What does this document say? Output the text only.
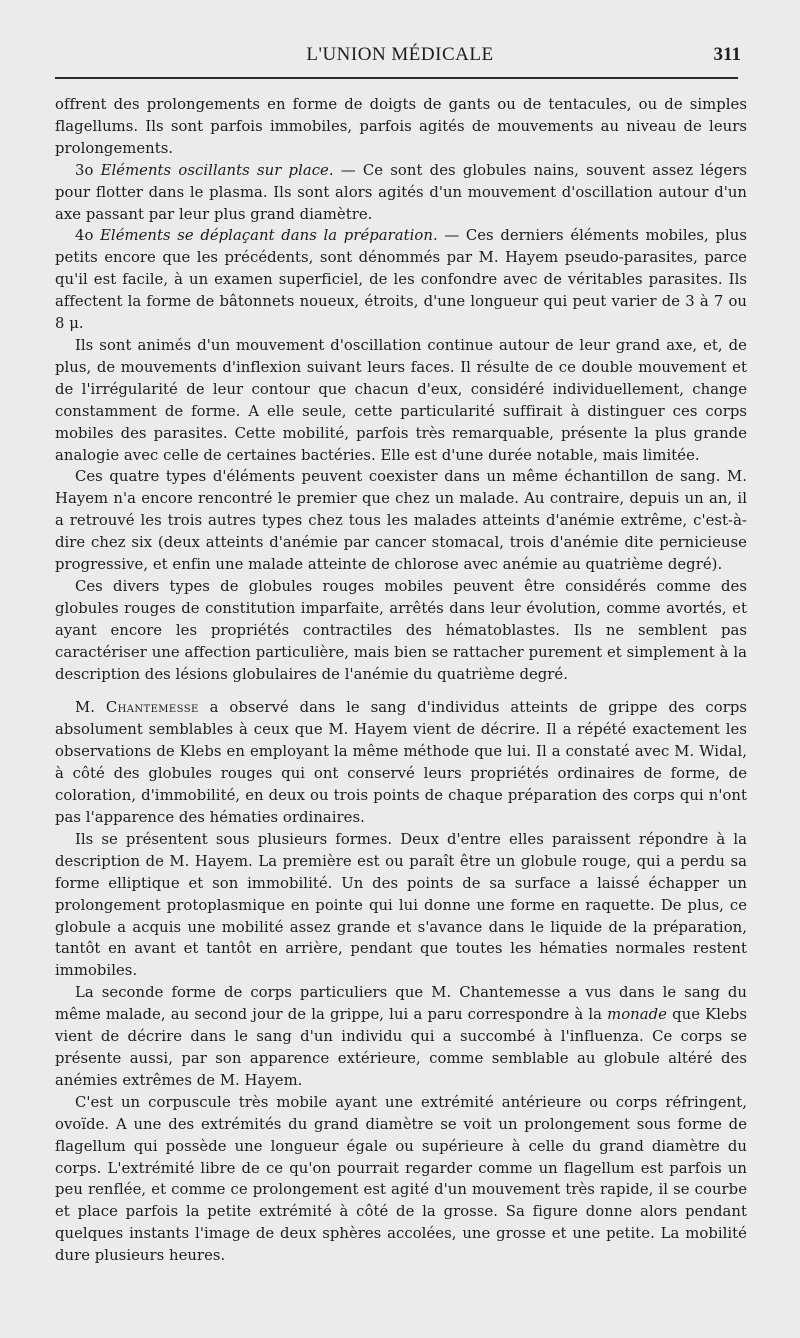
L'UNION MÉDICALE	311

offrent des prolongements en forme de doigts de gants ou de tentacules, ou de simples flagellums. Ils sont parfois immobiles, parfois agités de mouvements au niveau de leurs prolongements.

3o Eléments oscillants sur place. — Ce sont des globules nains, souvent assez légers pour flotter dans le plasma. Ils sont alors agités d'un mouvement d'oscillation autour d'un axe passant par leur plus grand diamètre.

4o Eléments se déplaçant dans la préparation. — Ces derniers éléments mobiles, plus petits encore que les précédents, sont dénommés par M. Hayem pseudo-parasites, parce qu'il est facile, à un examen superficiel, de les confondre avec de véritables parasites. Ils affectent la forme de bâtonnets noueux, étroits, d'une longueur qui peut varier de 3 à 7 ou 8 μ.

Ils sont animés d'un mouvement d'oscillation continue autour de leur grand axe, et, de plus, de mouvements d'inflexion suivant leurs faces. Il résulte de ce double mouvement et de l'irrégularité de leur contour que chacun d'eux, considéré individuellement, change constamment de forme. A elle seule, cette particularité suffirait à distinguer ces corps mobiles des parasites. Cette mobilité, parfois très remarquable, présente la plus grande analogie avec celle de certaines bactéries. Elle est d'une durée notable, mais limitée.

Ces quatre types d'éléments peuvent coexister dans un même échantillon de sang. M. Hayem n'a encore rencontré le premier que chez un malade. Au contraire, depuis un an, il a retrouvé les trois autres types chez tous les malades atteints d'anémie extrême, c'est-à-dire chez six (deux atteints d'anémie par cancer stomacal, trois d'anémie dite pernicieuse progressive, et enfin une malade atteinte de chlorose avec anémie au quatrième degré).

Ces divers types de globules rouges mobiles peuvent être considérés comme des globules rouges de constitution imparfaite, arrêtés dans leur évolution, comme avortés, et ayant encore les propriétés contractiles des hématoblastes. Ils ne semblent pas caractériser une affection particulière, mais bien se rattacher purement et simplement à la description des lésions globulaires de l'anémie du quatrième degré.

M. Chantemesse a observé dans le sang d'individus atteints de grippe des corps absolument semblables à ceux que M. Hayem vient de décrire. Il a répété exactement les observations de Klebs en employant la même méthode que lui. Il a constaté avec M. Widal, à côté des globules rouges qui ont conservé leurs propriétés ordinaires de forme, de coloration, d'immobilité, en deux ou trois points de chaque préparation des corps qui n'ont pas l'apparence des hématies ordinaires.

Ils se présentent sous plusieurs formes. Deux d'entre elles paraissent répondre à la description de M. Hayem. La première est ou paraît être un globule rouge, qui a perdu sa forme elliptique et son immobilité. Un des points de sa surface a laissé échapper un prolongement protoplasmique en pointe qui lui donne une forme en raquette. De plus, ce globule a acquis une mobilité assez grande et s'avance dans le liquide de la préparation, tantôt en avant et tantôt en arrière, pendant que toutes les hématies normales restent immobiles.

La seconde forme de corps particuliers que M. Chantemesse a vus dans le sang du même malade, au second jour de la grippe, lui a paru correspondre à la monade que Klebs vient de décrire dans le sang d'un individu qui a succombé à l'influenza. Ce corps se présente aussi, par son apparence extérieure, comme semblable au globule altéré des anémies extrêmes de M. Hayem.

C'est un corpuscule très mobile ayant une extrémité antérieure ou corps réfringent, ovoïde. A une des extrémités du grand diamètre se voit un prolongement sous forme de flagellum qui possède une longueur égale ou supérieure à celle du grand diamètre du corps. L'extrémité libre de ce qu'on pourrait regarder comme un flagellum est parfois un peu renflée, et comme ce prolongement est agité d'un mouvement très rapide, il se courbe et place parfois la petite extrémité à côté de la grosse. Sa figure donne alors pendant quelques instants l'image de deux sphères accolées, une grosse et une petite. La mobilité dure plusieurs heures.
